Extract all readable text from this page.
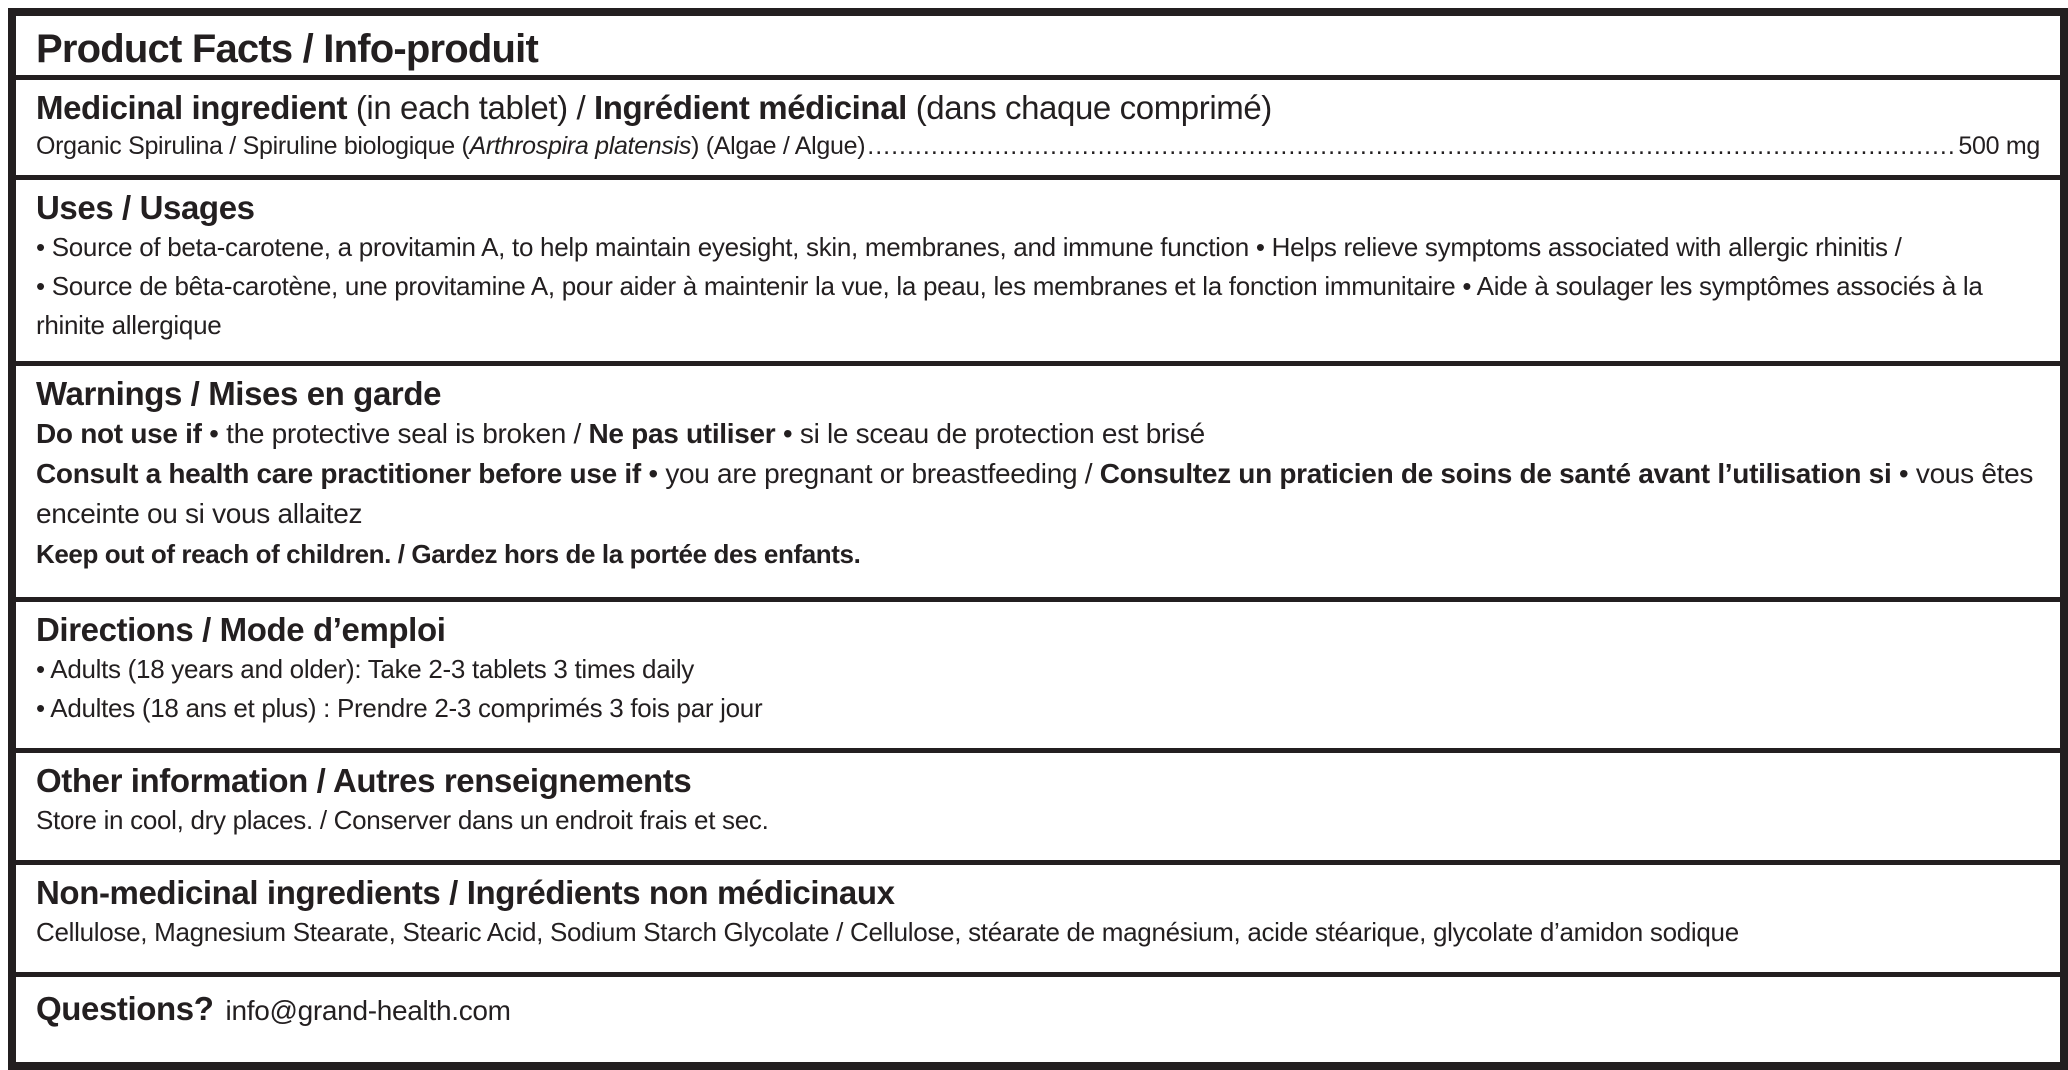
Product Facts / Info-produit
Medicinal ingredient (in each tablet) / Ingrédient médicinal (dans chaque comprimé)
Organic Spirulina / Spiruline biologique (Arthrospira platensis) (Algae / Algue)
.....	500 mg
Uses / Usages
• Source of beta-carotene, a provitamin A, to help maintain eyesight, skin, membranes, and immune function • Helps relieve symptoms associated with allergic rhinitis /
• Source de bêta-carotène, une provitamine A, pour aider à maintenir la vue, la peau, les membranes et la fonction immunitaire • Aide à soulager les symptômes associés à la rhinite allergique
Warnings / Mises en garde
Do not use if • the protective seal is broken / Ne pas utiliser • si le sceau de protection est brisé
Consult a health care practitioner before use if • you are pregnant or breastfeeding / Consultez un praticien de soins de santé avant l’utilisation si • vous êtes enceinte ou si vous allaitez
Keep out of reach of children. / Gardez hors de la portée des enfants.
Directions / Mode d’emploi
• Adults (18 years and older): Take 2-3 tablets 3 times daily
• Adultes (18 ans et plus) : Prendre 2-3 comprimés 3 fois par jour
Other information / Autres renseignements
Store in cool, dry places. / Conserver dans un endroit frais et sec.
Non-medicinal ingredients / Ingrédients non médicinaux
Cellulose, Magnesium Stearate, Stearic Acid, Sodium Starch Glycolate / Cellulose, stéarate de magnésium, acide stéarique, glycolate d’amidon sodique
Questions? info@grand-health.com
